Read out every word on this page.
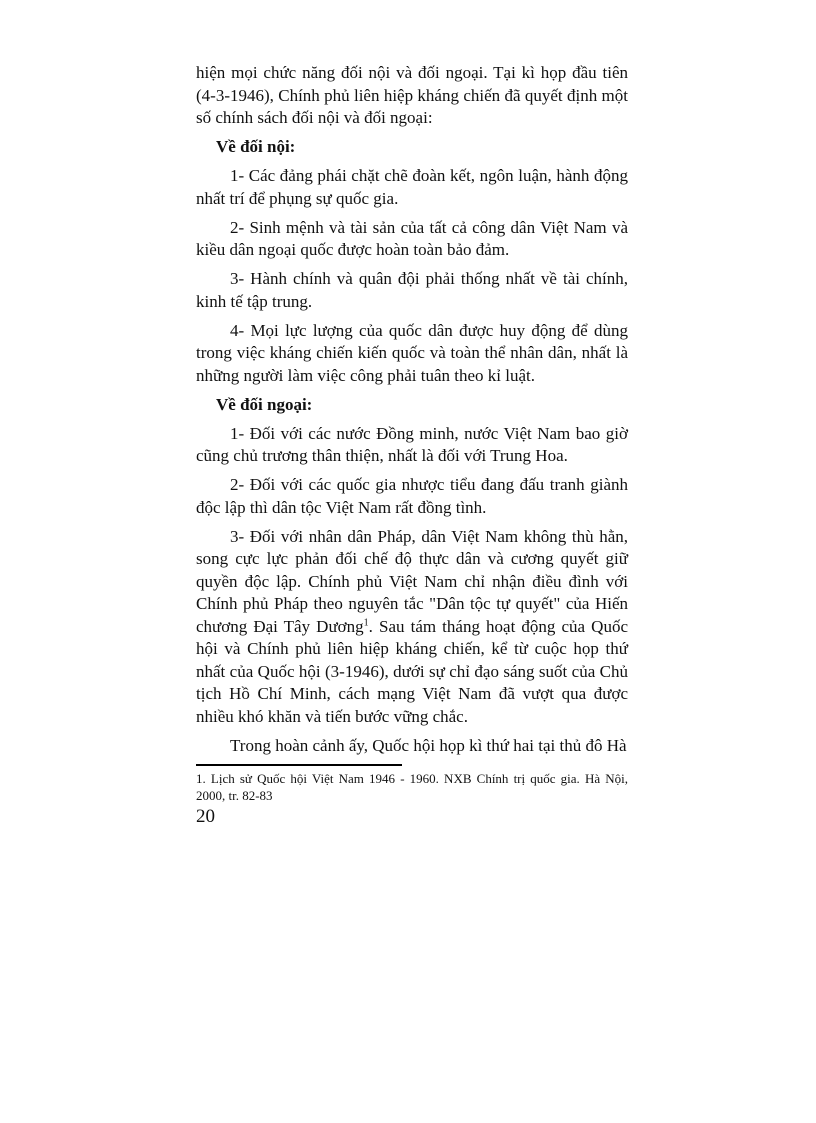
hiện mọi chức năng đối nội và đối ngoại. Tại kì họp đầu tiên (4-3-1946), Chính phủ liên hiệp kháng chiến đã quyết định một số chính sách đối nội và đối ngoại:

Về đối nội:

1- Các đảng phái chặt chẽ đoàn kết, ngôn luận, hành động nhất trí để phụng sự quốc gia.

2- Sinh mệnh và tài sản của tất cả công dân Việt Nam và kiều dân ngoại quốc được hoàn toàn bảo đảm.

3- Hành chính và quân đội phải thống nhất về tài chính, kinh tế tập trung.

4- Mọi lực lượng của quốc dân được huy động để dùng trong việc kháng chiến kiến quốc và toàn thể nhân dân, nhất là những người làm việc công phải tuân theo kỉ luật.

Về đối ngoại:

1- Đối với các nước Đồng minh, nước Việt Nam bao giờ cũng chủ trương thân thiện, nhất là đối với Trung Hoa.

2- Đối với các quốc gia nhược tiểu đang đấu tranh giành độc lập thì dân tộc Việt Nam rất đồng tình.

3- Đối với nhân dân Pháp, dân Việt Nam không thù hằn, song cực lực phản đối chế độ thực dân và cương quyết giữ quyền độc lập. Chính phủ Việt Nam chỉ nhận điều đình với Chính phủ Pháp theo nguyên tắc "Dân tộc tự quyết" của Hiến chương Đại Tây Dương$^1$. Sau tám tháng hoạt động của Quốc hội và Chính phủ liên hiệp kháng chiến, kể từ cuộc họp thứ nhất của Quốc hội (3-1946), dưới sự chỉ đạo sáng suốt của Chủ tịch Hồ Chí Minh, cách mạng Việt Nam đã vượt qua được nhiều khó khăn và tiến bước vững chắc.

Trong hoàn cảnh ấy, Quốc hội họp kì thứ hai tại thủ đô Hà

1. Lịch sử Quốc hội Việt Nam 1946 - 1960. NXB Chính trị quốc gia. Hà Nội, 2000, tr. 82-83

20
